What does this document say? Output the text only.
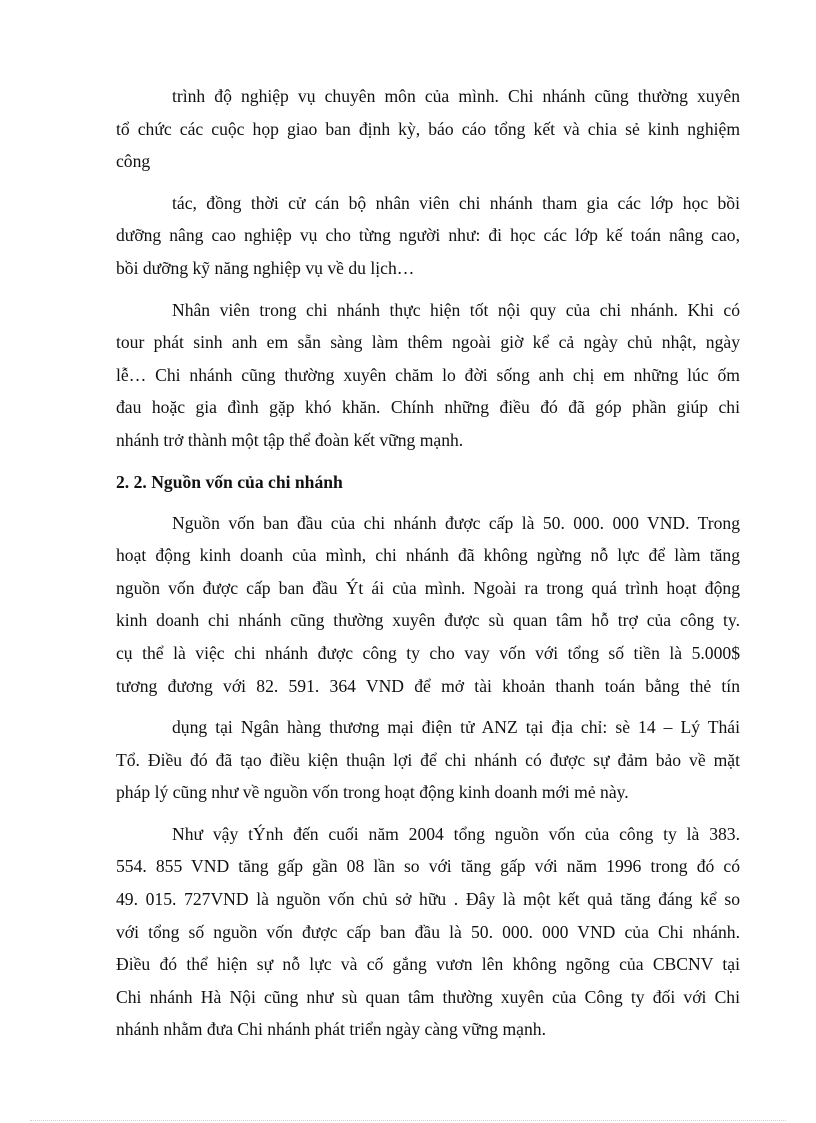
trình độ nghiệp vụ chuyên môn của mình. Chi nhánh cũng thường xuyên
tổ chức các cuộc họp giao ban định kỳ, báo cáo tổng kết và chia sẻ kinh nghiệm
công
tác, đồng thời cử cán bộ nhân viên chi nhánh tham gia các lớp học bồi
dưỡng nâng cao nghiệp vụ cho từng người như: đi học các lớp kế toán nâng cao,
bồi dưỡng kỹ năng nghiệp vụ về du lịch…
Nhân viên trong chi nhánh thực hiện tốt nội quy của chi nhánh. Khi có
tour phát sinh anh em sẵn sàng làm thêm ngoài giờ kể cả ngày chủ nhật, ngày
lễ… Chi nhánh cũng thường xuyên chăm lo đời sống anh chị em những lúc ốm
đau hoặc gia đình gặp khó khăn. Chính những điều đó đã góp phần giúp chi
nhánh trở thành một tập thể đoàn kết vững mạnh.
2. 2. Nguồn vốn của chi nhánh
Nguồn vốn ban đầu của chi nhánh được cấp là 50. 000. 000 VND. Trong
hoạt động kinh doanh của mình, chi nhánh đã không ngừng nỗ lực để làm tăng
nguồn vốn được cấp ban đầu Ýt ái của mình. Ngoài ra trong quá trình hoạt động
kinh doanh chi nhánh cũng thường xuyên được sù quan tâm hỗ trợ của công ty.
cụ thể là việc chi nhánh được công ty cho vay vốn với tổng số tiền là 5.000$
tương đương với 82. 591. 364 VND để mở tài khoản thanh toán bằng thẻ tín
dụng tại Ngân hàng thương mại điện tử ANZ tại địa chỉ: sè 14 – Lý Thái
Tổ. Điều đó đã tạo điều kiện thuận lợi để chi nhánh có được sự đảm bảo về mặt
pháp lý cũng như về nguồn vốn trong hoạt động kinh doanh mới mẻ này.
Như vậy tÝnh đến cuối năm 2004 tổng nguồn vốn của công ty là 383.
554. 855 VND tăng gấp gần 08 lần so với tăng gấp với năm 1996 trong đó có
49. 015. 727VND là nguồn vốn chủ sở hữu . Đây là một kết quả tăng đáng kể so
với tổng số nguồn vốn được cấp ban đầu là 50. 000. 000 VND của Chi nhánh.
Điều đó thể hiện sự nỗ lực và cố gắng vươn lên không ngõng của CBCNV tại
Chi nhánh Hà Nội cũng như sù quan tâm thường xuyên của Công ty đối với Chi
nhánh nhằm đưa Chi nhánh phát triển ngày càng vững mạnh.
